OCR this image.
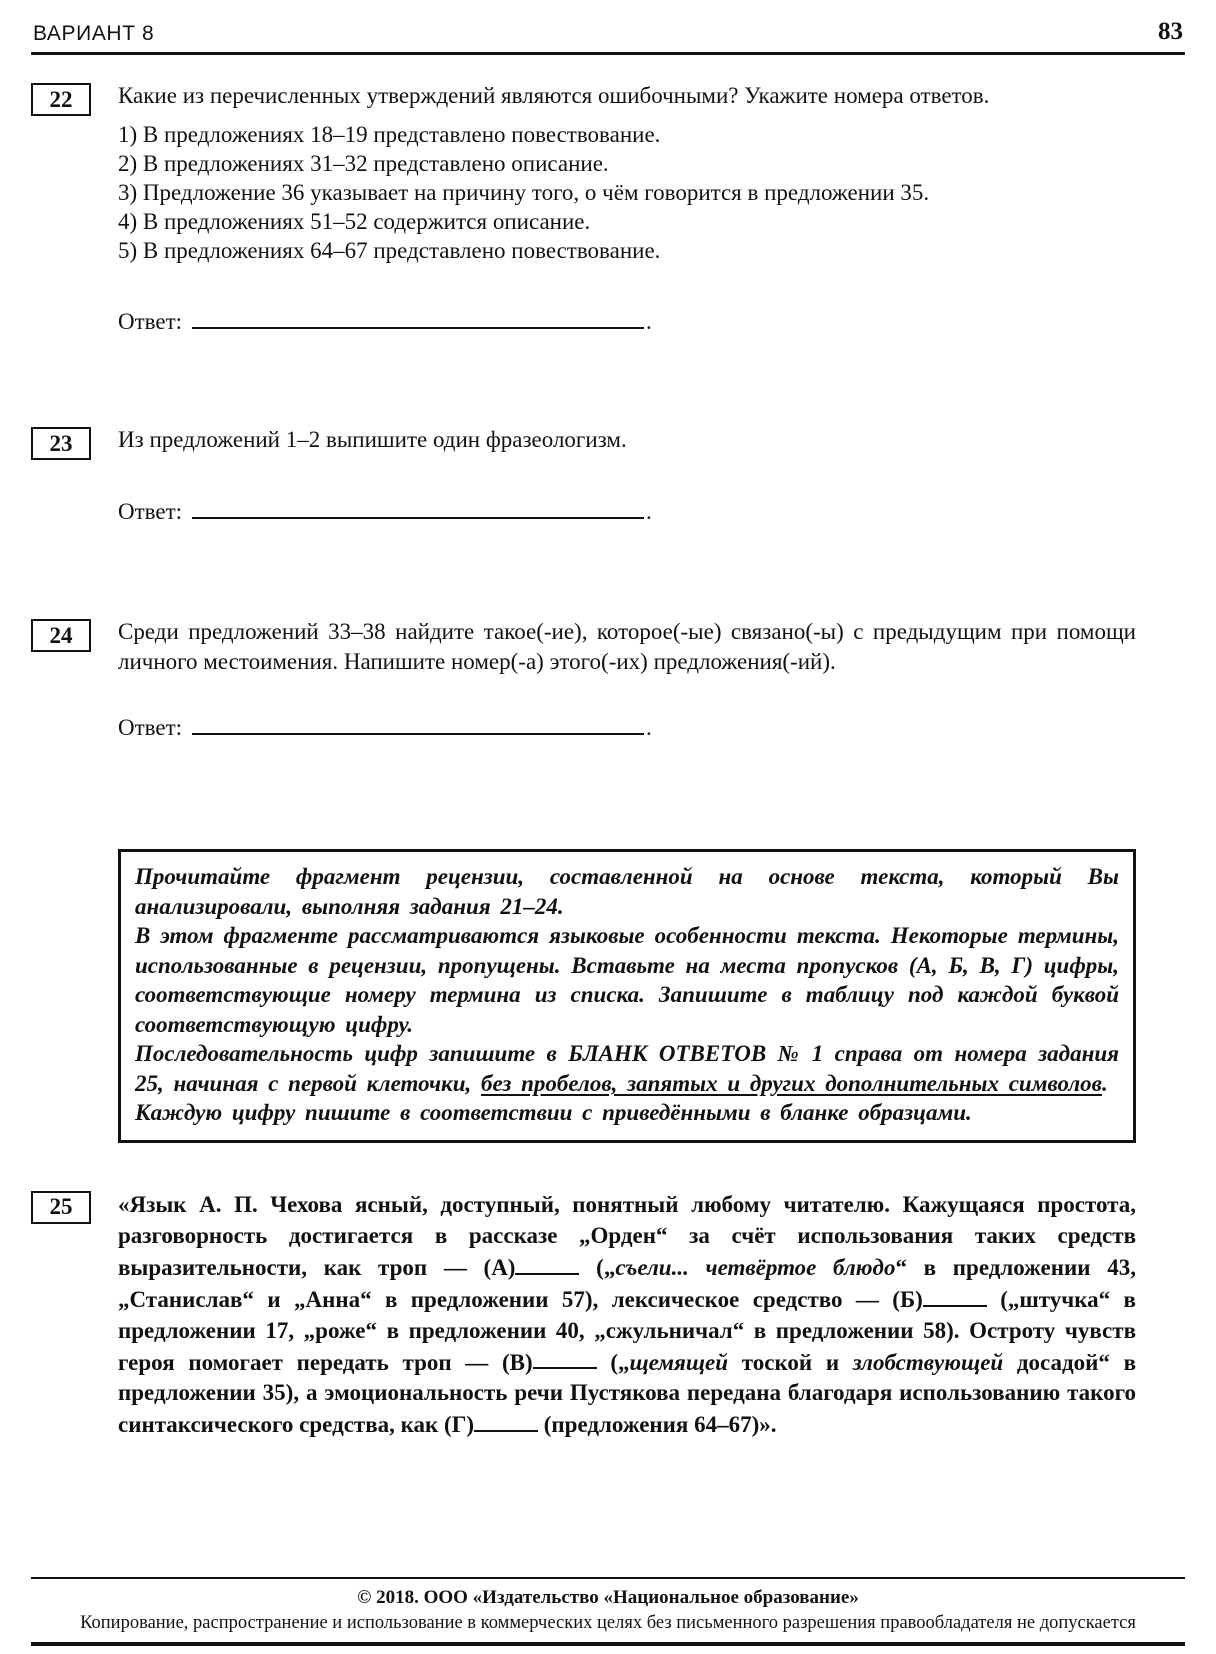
ВАРИАНТ 8	83
22 Какие из перечисленных утверждений являются ошибочными? Укажите номера ответов.

1) В предложениях 18–19 представлено повествование.

2) В предложениях 31–32 представлено описание.

3) Предложение 36 указывает на причину того, о чём говорится в предложении 35.

4) В предложениях 51–52 содержится описание.

5) В предложениях 64–67 представлено повествование.

Ответ:	.
23 Из предложений 1–2 выпишите один фразеологизм.

Ответ:	.
24 Среди предложений 33–38 найдите такое(-ие), которое(-ые) связано(-ы) с предыдущим при помощи личного местоимения. Напишите номер(-а) этого(-их) предложения(-ий).

Ответ:	.

Прочитайте фрагмент рецензии, составленной на основе текста, который Вы анализировали, выполняя задания 21–24.

В этом фрагменте рассматриваются языковые особенности текста. Некоторые термины, использованные в рецензии, пропущены. Вставьте на места пропусков (А, Б, В, Г) цифры, соответствующие номеру термина из списка. Запишите в таблицу под каждой буквой соответствующую цифру.

Последовательность цифр запишите в БЛАНК ОТВЕТОВ № 1 справа от номера задания 25, начиная с первой клеточки, без пробелов, запятых и других дополнительных символов.

Каждую цифру пишите в соответствии с приведёнными в бланке образцами.

25 «Язык А. П. Чехова ясный, доступный, понятный любому читателю. Кажущаяся простота, разговорность достигается в рассказе „Орден“ за счёт использования таких средств выразительности, как троп — (А)	(„съели... четвёртое блюдо“ в предложении 43, „Станислав“ и „Анна“ в предложении 57), лексическое средство — (Б)	(„штучка“ в предложении 17, „роже“ в предложении 40, „сжульничал“ в предложении 58). Остроту чувств героя помогает передать троп — (В)	(„щемящей тоской и злобствующей досадой“ в предложении 35), а эмоциональность речи Пустякова передана благодаря использованию такого синтаксического средства, как (Г)	(предложения 64–67)».

© 2018. ООО «Издательство «Национальное образование»

Копирование, распространение и использование в коммерческих целях без письменного разрешения правообладателя не допускается
